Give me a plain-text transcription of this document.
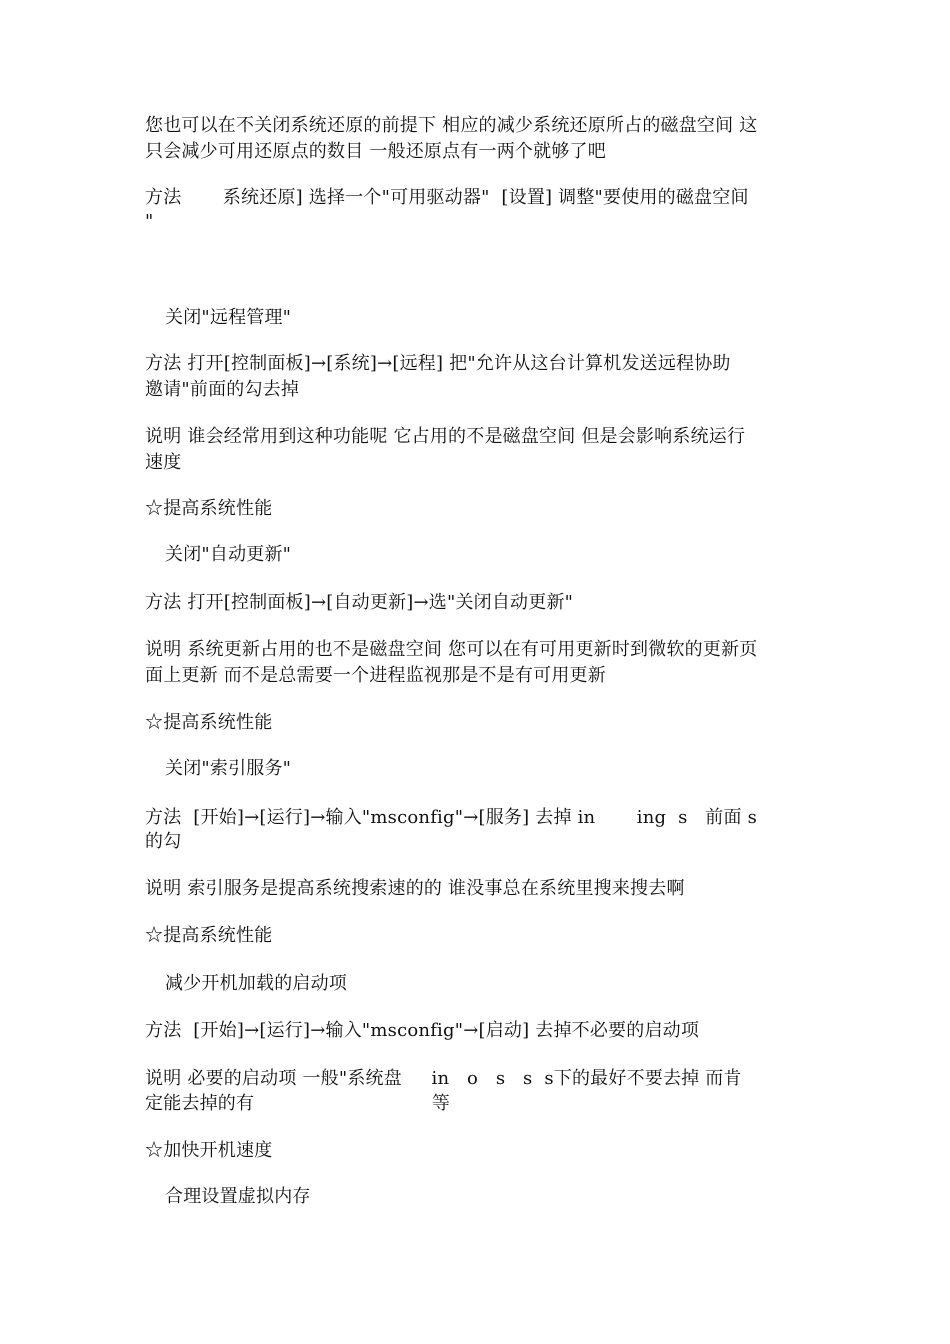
您也可以在不关闭系统还原的前提下 相应的减少系统还原所占的磁盘空间 这
只会减少可用还原点的数目 一般还原点有一两个就够了吧
方法       系统还原] 选择一个"可用驱动器"  [设置] 调整"要使用的磁盘空间
"
关闭"远程管理"
方法 打开[控制面板]→[系统]→[远程] 把"允许从这台计算机发送远程协助
邀请"前面的勾去掉
说明 谁会经常用到这种功能呢 它占用的不是磁盘空间 但是会影响系统运行
速度
☆提高系统性能
关闭"自动更新"
方法 打开[控制面板]→[自动更新]→选"关闭自动更新"
说明 系统更新占用的也不是磁盘空间 您可以在有可用更新时到微软的更新页
面上更新 而不是总需要一个进程监视那是不是有可用更新
☆提高系统性能
关闭"索引服务"
方法  [开始]→[运行]→输入"msconfig"→[服务] 去掉 in       ing  s   前面 s
的勾
说明 索引服务是提高系统搜索速的的 谁没事总在系统里搜来搜去啊
☆提高系统性能
减少开机加载的启动项
方法  [开始]→[运行]→输入"msconfig"→[启动] 去掉不必要的启动项
说明 必要的启动项 一般"系统盘     in   o   s   s  s下的最好不要去掉 而肯
定能去掉的有                              等
☆加快开机速度
合理设置虚拟内存
